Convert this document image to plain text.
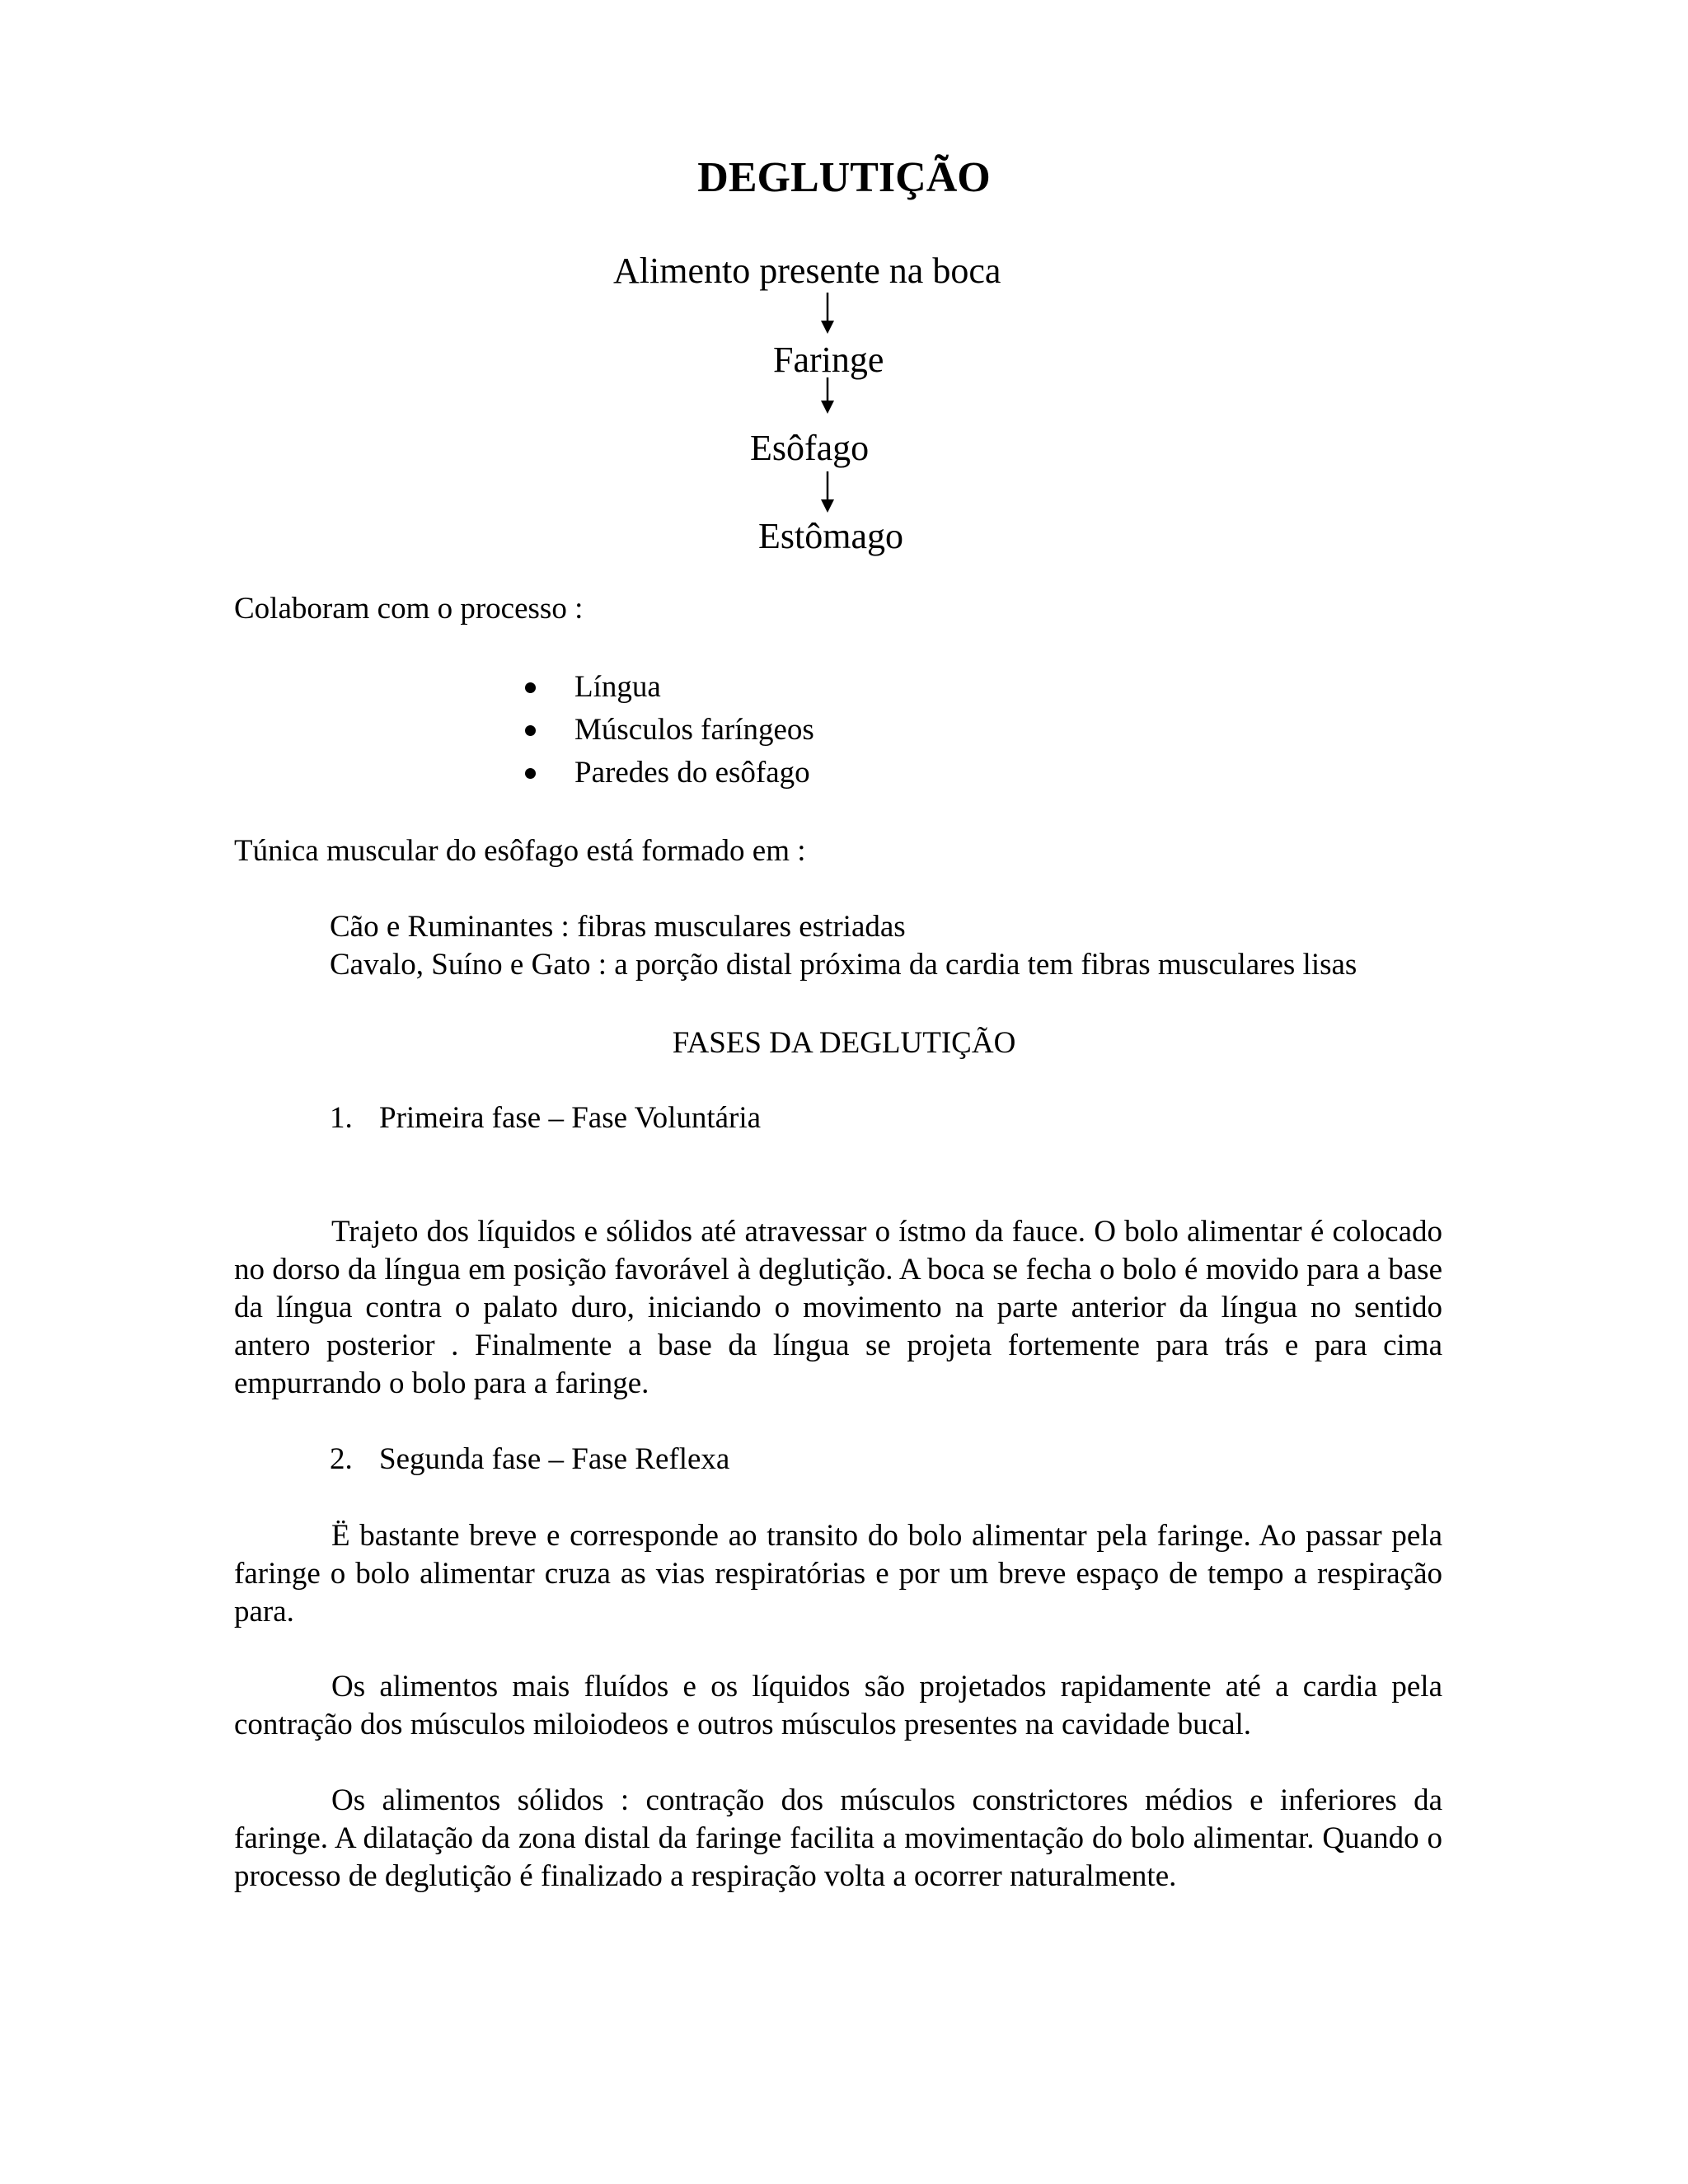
DEGLUTIÇÃO
Alimento presente na boca
Faringe
Esôfago
Estômago
Colaboram com o processo :
Língua
Músculos faríngeos
Paredes do esôfago
Túnica muscular do esôfago está formado em :
Cão e Ruminantes : fibras musculares estriadas
Cavalo, Suíno e Gato : a porção distal próxima da cardia tem fibras musculares lisas
FASES DA DEGLUTIÇÃO
1. Primeira fase – Fase Voluntária

Trajeto dos líquidos e sólidos até atravessar o ístmo da fauce. O bolo alimentar é colocado no dorso da língua em posição favorável à deglutição. A boca se fecha o bolo é movido para a base da língua contra o palato duro, iniciando o movimento na parte anterior da língua no sentido antero posterior . Finalmente a base da língua se projeta fortemente para trás e para cima empurrando o bolo para a faringe.

2. Segunda fase – Fase Reflexa

Ë bastante breve e corresponde ao transito do bolo alimentar pela faringe. Ao passar pela faringe o bolo alimentar cruza as vias respiratórias e por um breve espaço de tempo a respiração para.

Os alimentos mais fluídos e os líquidos são projetados rapidamente até a cardia pela contração dos músculos miloiodeos e outros músculos presentes na cavidade bucal.

Os alimentos sólidos : contração dos músculos constrictores médios e inferiores da faringe. A dilatação da zona distal da faringe facilita a movimentação do bolo alimentar. Quando o processo de deglutição é finalizado a respiração volta a ocorrer naturalmente.
